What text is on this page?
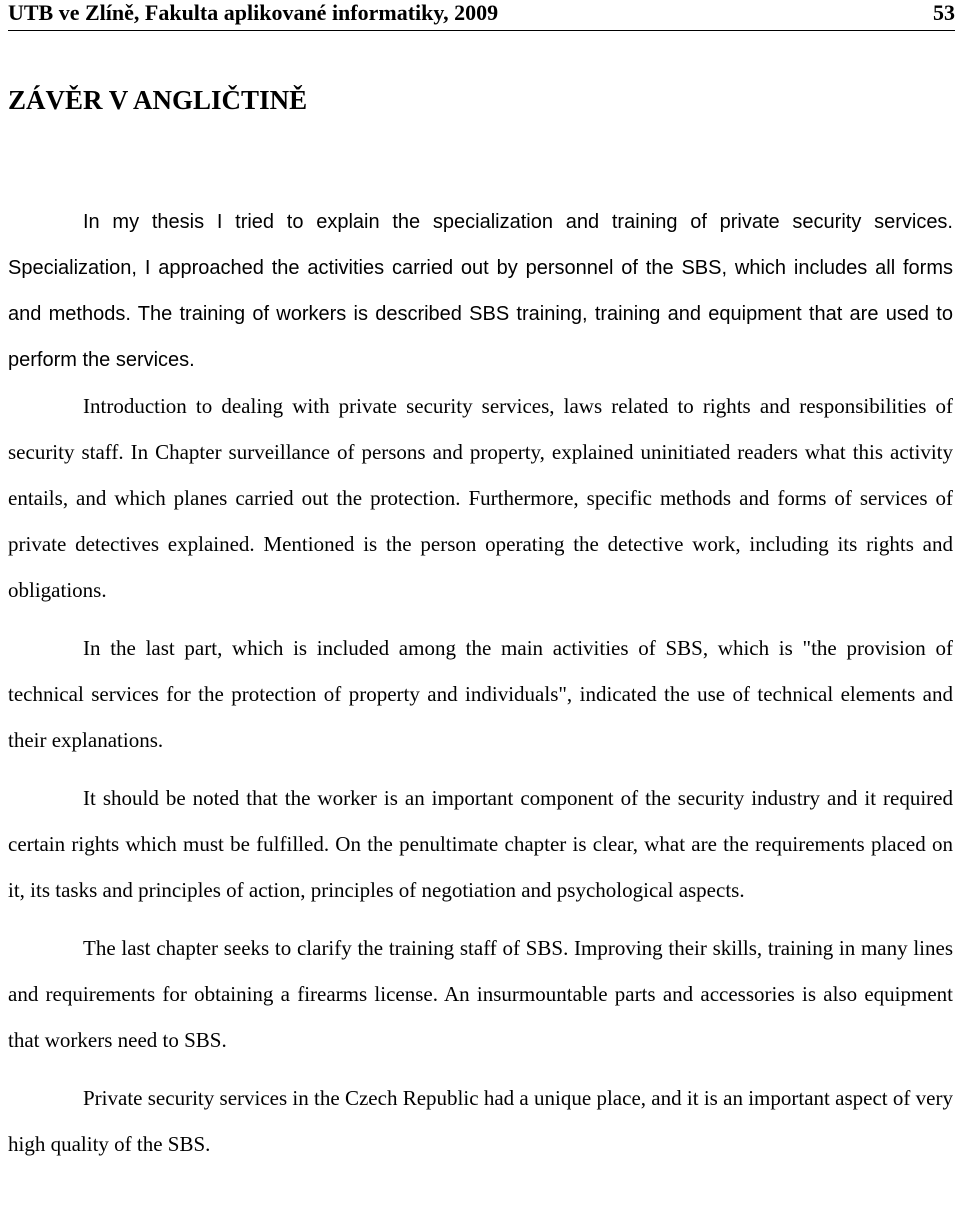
UTB ve Zlíně, Fakulta aplikované informatiky, 2009	53
ZÁVĚR V ANGLIČTINĚ

In my thesis I tried to explain the specialization and training of private security services. Specialization, I approached the activities carried out by personnel of the SBS, which includes all forms and methods. The training of workers is described SBS training, training and equipment that are used to perform the services.

Introduction to dealing with private security services, laws related to rights and responsibilities of security staff. In Chapter surveillance of persons and property, explained uninitiated readers what this activity entails, and which planes carried out the protection. Furthermore, specific methods and forms of services of private detectives explained. Mentioned is the person operating the detective work, including its rights and obligations.

In the last part, which is included among the main activities of SBS, which is "the provision of technical services for the protection of property and individuals", indicated the use of technical elements and their explanations.

It should be noted that the worker is an important component of the security industry and it required certain rights which must be fulfilled. On the penultimate chapter is clear, what are the requirements placed on it, its tasks and principles of action, principles of negotiation and psychological aspects.

The last chapter seeks to clarify the training staff of SBS. Improving their skills, training in many lines and requirements for obtaining a firearms license. An insurmountable parts and accessories is also equipment that workers need to SBS.

Private security services in the Czech Republic had a unique place, and it is an important aspect of very high quality of the SBS.
